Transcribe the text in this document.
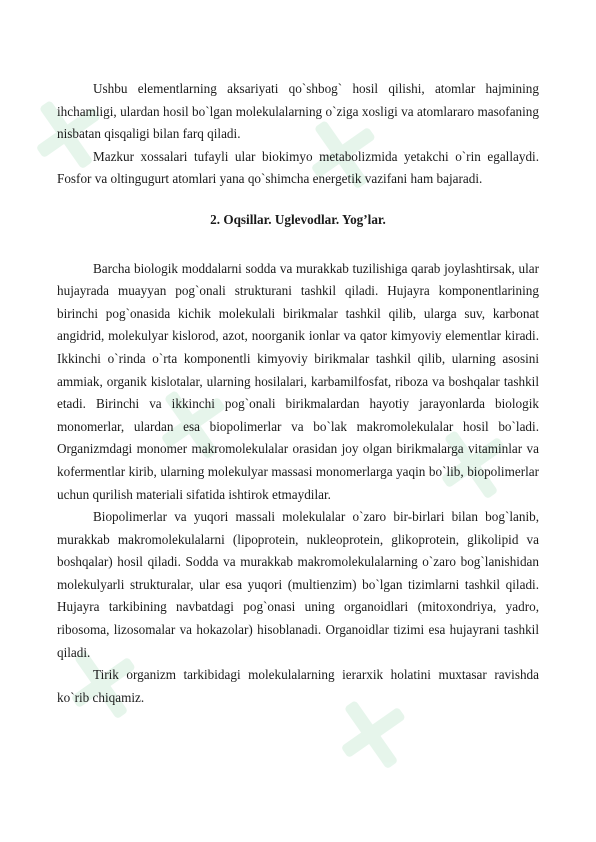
Ushbu elementlarning aksariyati qo`shbog` hosil qilishi, atomlar hajmining ihchamligi, ulardan hosil bo`lgan molekulalarning o`ziga xosligi va atomlararo masofaning nisbatan qisqaligi bilan farq qiladi.

Mazkur xossalari tufayli ular biokimyo metabolizmida yetakchi o`rin egallaydi. Fosfor va oltingugurt atomlari yana qo`shimcha energetik vazifani ham bajaradi.

2. Oqsillar. Uglevodlar. Yog’lar.

Barcha biologik moddalarni sodda va murakkab tuzilishiga qarab joylashtirsak, ular hujayrada muayyan pog`onali strukturani tashkil qiladi. Hujayra komponentlarining birinchi pog`onasida kichik molekulali birikmalar tashkil qilib, ularga suv, karbonat angidrid, molekulyar kislorod, azot, noorganik ionlar va qator kimyoviy elementlar kiradi. Ikkinchi o`rinda o`rta komponentli kimyoviy birikmalar tashkil qilib, ularning asosini ammiak, organik kislotalar, ularning hosilalari, karbamilfosfat, riboza va boshqalar tashkil etadi. Birinchi va ikkinchi pog`onali birikmalardan hayotiy jarayonlarda biologik monomerlar, ulardan esa biopolimerlar va bo`lak makromolekulalar hosil bo`ladi. Organizmdagi monomer makromolekulalar orasidan joy olgan birikmalarga vitaminlar va kofermentlar kirib, ularning molekulyar massasi monomerlarga yaqin bo`lib, biopolimerlar uchun qurilish materiali sifatida ishtirok etmaydilar.

Biopolimerlar va yuqori massali molekulalar o`zaro bir-birlari bilan bog`lanib, murakkab makromolekulalarni (lipoprotein, nukleoprotein, glikoprotein, glikolipid va boshqalar) hosil qiladi. Sodda va murakkab makromolekulalarning o`zaro bog`lanishidan molekulyarli strukturalar, ular esa yuqori (multienzim) bo`lgan tizimlarni tashkil qiladi. Hujayra tarkibining navbatdagi pog`onasi uning organoidlari (mitoxondriya, yadro, ribosoma, lizosomalar va hokazolar) hisoblanadi. Organoidlar tizimi esa hujayrani tashkil qiladi.

Tirik organizm tarkibidagi molekulalarning ierarxik holatini muxtasar ravishda ko`rib chiqamiz.
